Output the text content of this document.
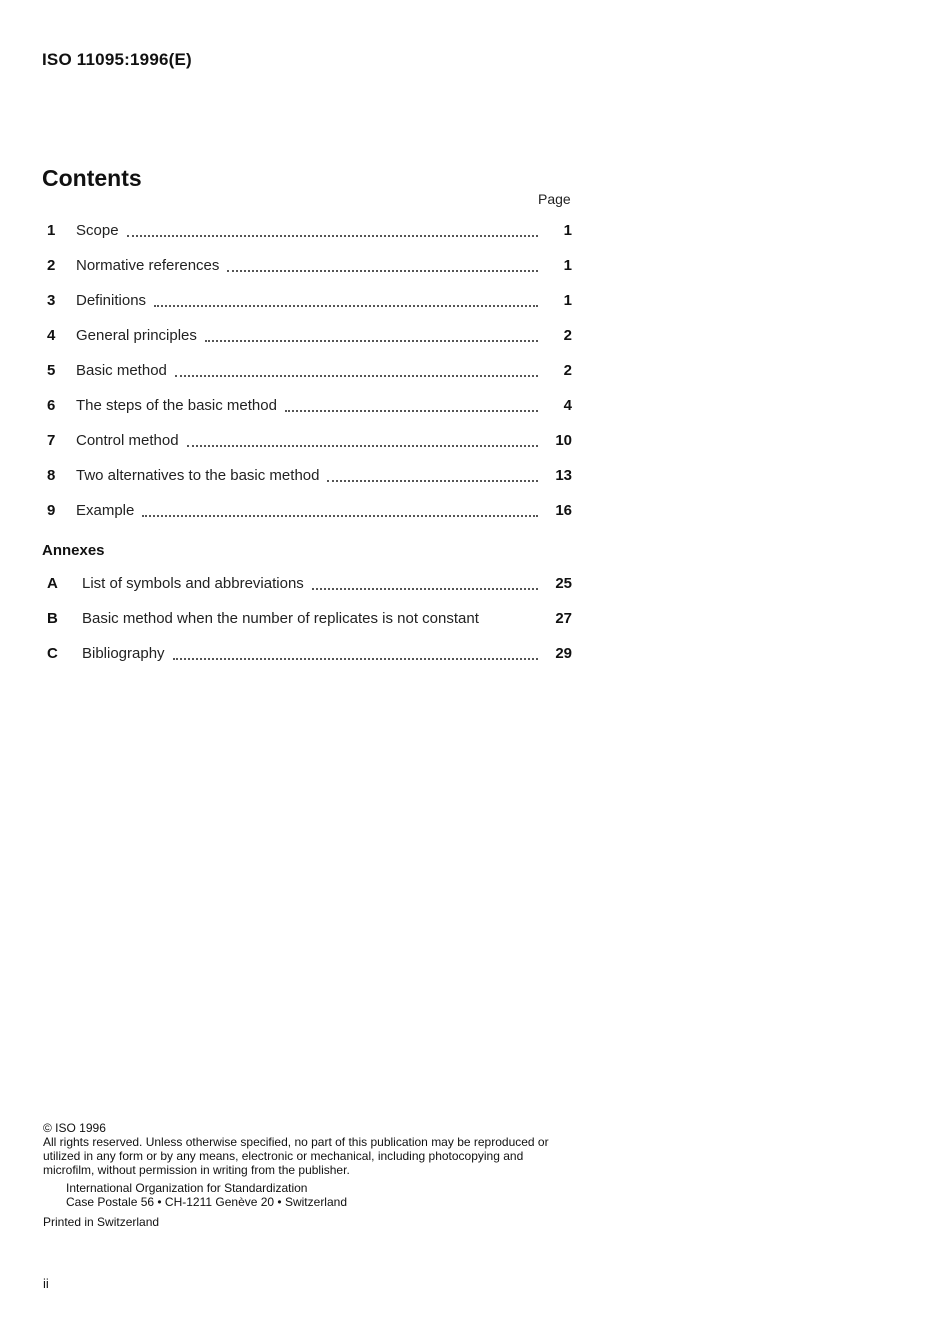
ISO 11095:1996(E)
Contents
Page
1	Scope	1
2	Normative references	1
3	Definitions	1
4	General principles	2
5	Basic method	2
6	The steps of the basic method	4
7	Control method	10
8	Two alternatives to the basic method	13
9	Example	16
Annexes
A	List of symbols and abbreviations	25
B	Basic method when the number of replicates is not constant	27
C	Bibliography	29

© ISO 1996

All rights reserved. Unless otherwise specified, no part of this publication may be reproduced or utilized in any form or by any means, electronic or mechanical, including photocopying and microfilm, without permission in writing from the publisher.

International Organization for Standardization

Case Postale 56 • CH-1211 Genève 20 • Switzerland

Printed in Switzerland

ii
